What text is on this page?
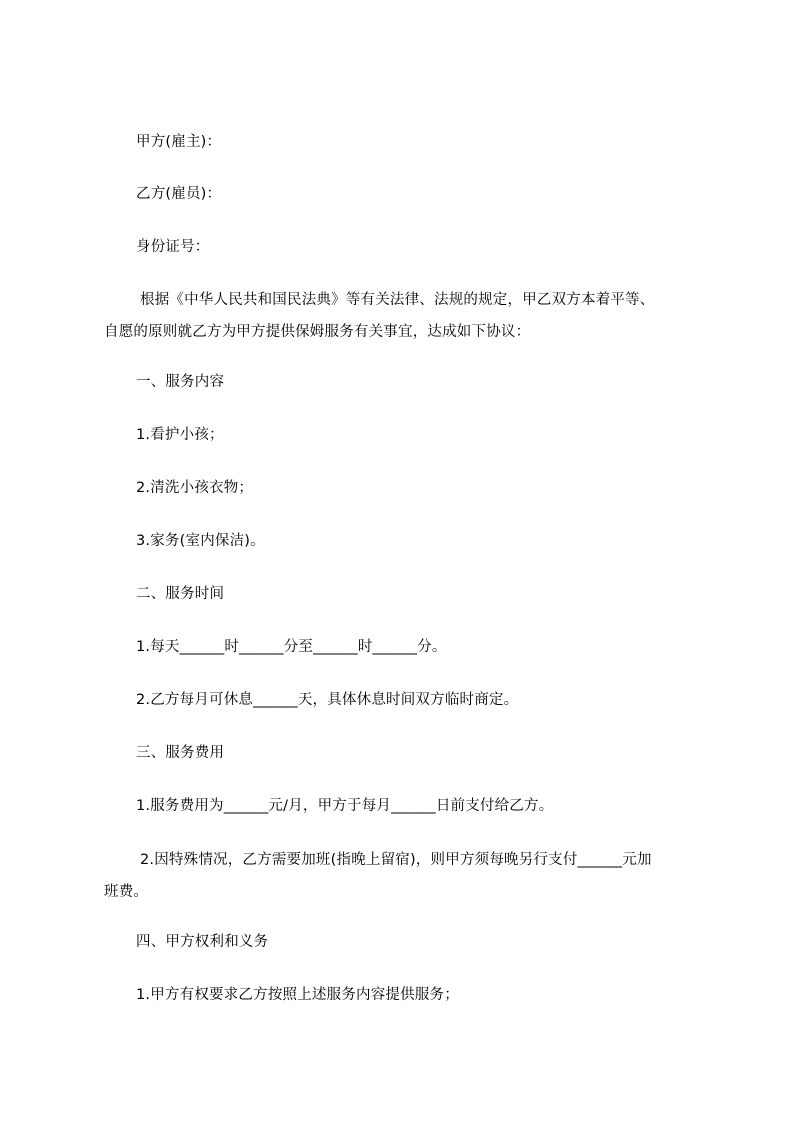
甲方(雇主)：
乙方(雇员)：
身份证号：
根据《中华人民共和国民法典》等有关法律、法规的规定，甲乙双方本着平等、
自愿的原则就乙方为甲方提供保姆服务有关事宜，达成如下协议：
一、服务内容
1.看护小孩；
2.清洗小孩衣物；
3.家务(室内保洁)。
二、服务时间
1.每天______时______分至______时______分。
2.乙方每月可休息______天，具体休息时间双方临时商定。
三、服务费用
1.服务费用为______元/月，甲方于每月______日前支付给乙方。
2.因特殊情况，乙方需要加班(指晚上留宿)，则甲方须每晚另行支付______元加
班费。
四、甲方权利和义务
1.甲方有权要求乙方按照上述服务内容提供服务；
